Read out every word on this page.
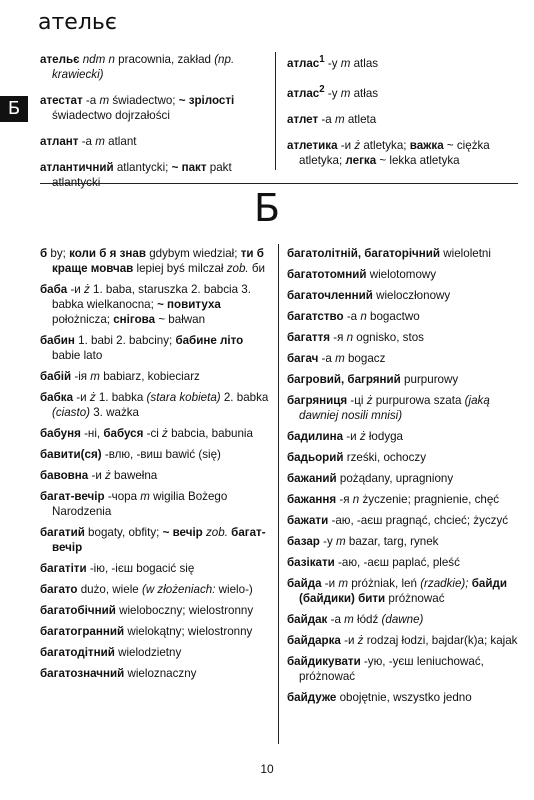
ательє
Б

ательє ndm n pracownia, zakład (np. krawiecki)

атестат -а m świadectwo; ~ зрілості świadectwo dojrzałości

атлант -а m atlant

атлантичний atlantycki; ~ пакт pakt atlantycki

атлас$^1$ -у m atlas

атлас$^2$ -у m atłas

атлет -а m atleta

атлетика -и ż atletyka; важка ~ ciężka atletyka; легка ~ lekka atletyka

Б

б by; коли б я знав gdybym wiedział; ти б краще мовчав lepiej byś milczał zob. би

баба -и ż 1. baba, staruszka 2. babcia 3. babka wielkanocna; ~ повитуха położnicza; снігова ~ bałwan

бабин 1. babi 2. babciny; бабине літо babie lato

бабій -ія m babiarz, kobieciarz

бабка -и ż 1. babka (stara kobieta) 2. babka (ciasto) 3. ważka

бабуня -ні, бабуся -сі ż babcia, babunia

бавити(ся) -влю, -виш bawić (się)

бавовна -и ż bawełna

багат-вечір -чора m wigilia Bożego Narodzenia

багатий bogaty, obfity; ~ вечір zob. багат-вечір

багатіти -ію, -ієш bogacić się

багато dużo, wiele (w złożeniach: wielo-)

багатобічний wieloboczny; wielostronny

багатогранний wielokątny; wielostronny

багатодітний wielodzietny

багатозначний wieloznaczny

багатолітній, багаторічний wieloletni

багатотомний wielotomowy

багаточленний wieloczłonowy

багатство -а n bogactwo

багаття -я n ognisko, stos

багач -а m bogacz

багровий, багряний purpurowy

багряниця -ці ż purpurowa szata (jaką dawniej nosili mnisi)

бадилина -и ż łodyga

бадьорий rześki, ochoczy

бажаний pożądany, upragniony

бажання -я n życzenie; pragnienie, chęć

бажати -аю, -аєш pragnąć, chcieć; życzyć

базар -у m bazar, targ, rynek

базікати -аю, -аєш paplać, pleść

байда -и m próżniak, leń (rzadkie); байди (байдики) бити próżnować

байдак -а m łódź (dawne)

байдарка -и ż rodzaj łodzi, bajdar(k)a; kajak

байдикувати -ую, -уєш leniuchować, próżnować

байдуже obojętnie, wszystko jedno

10
